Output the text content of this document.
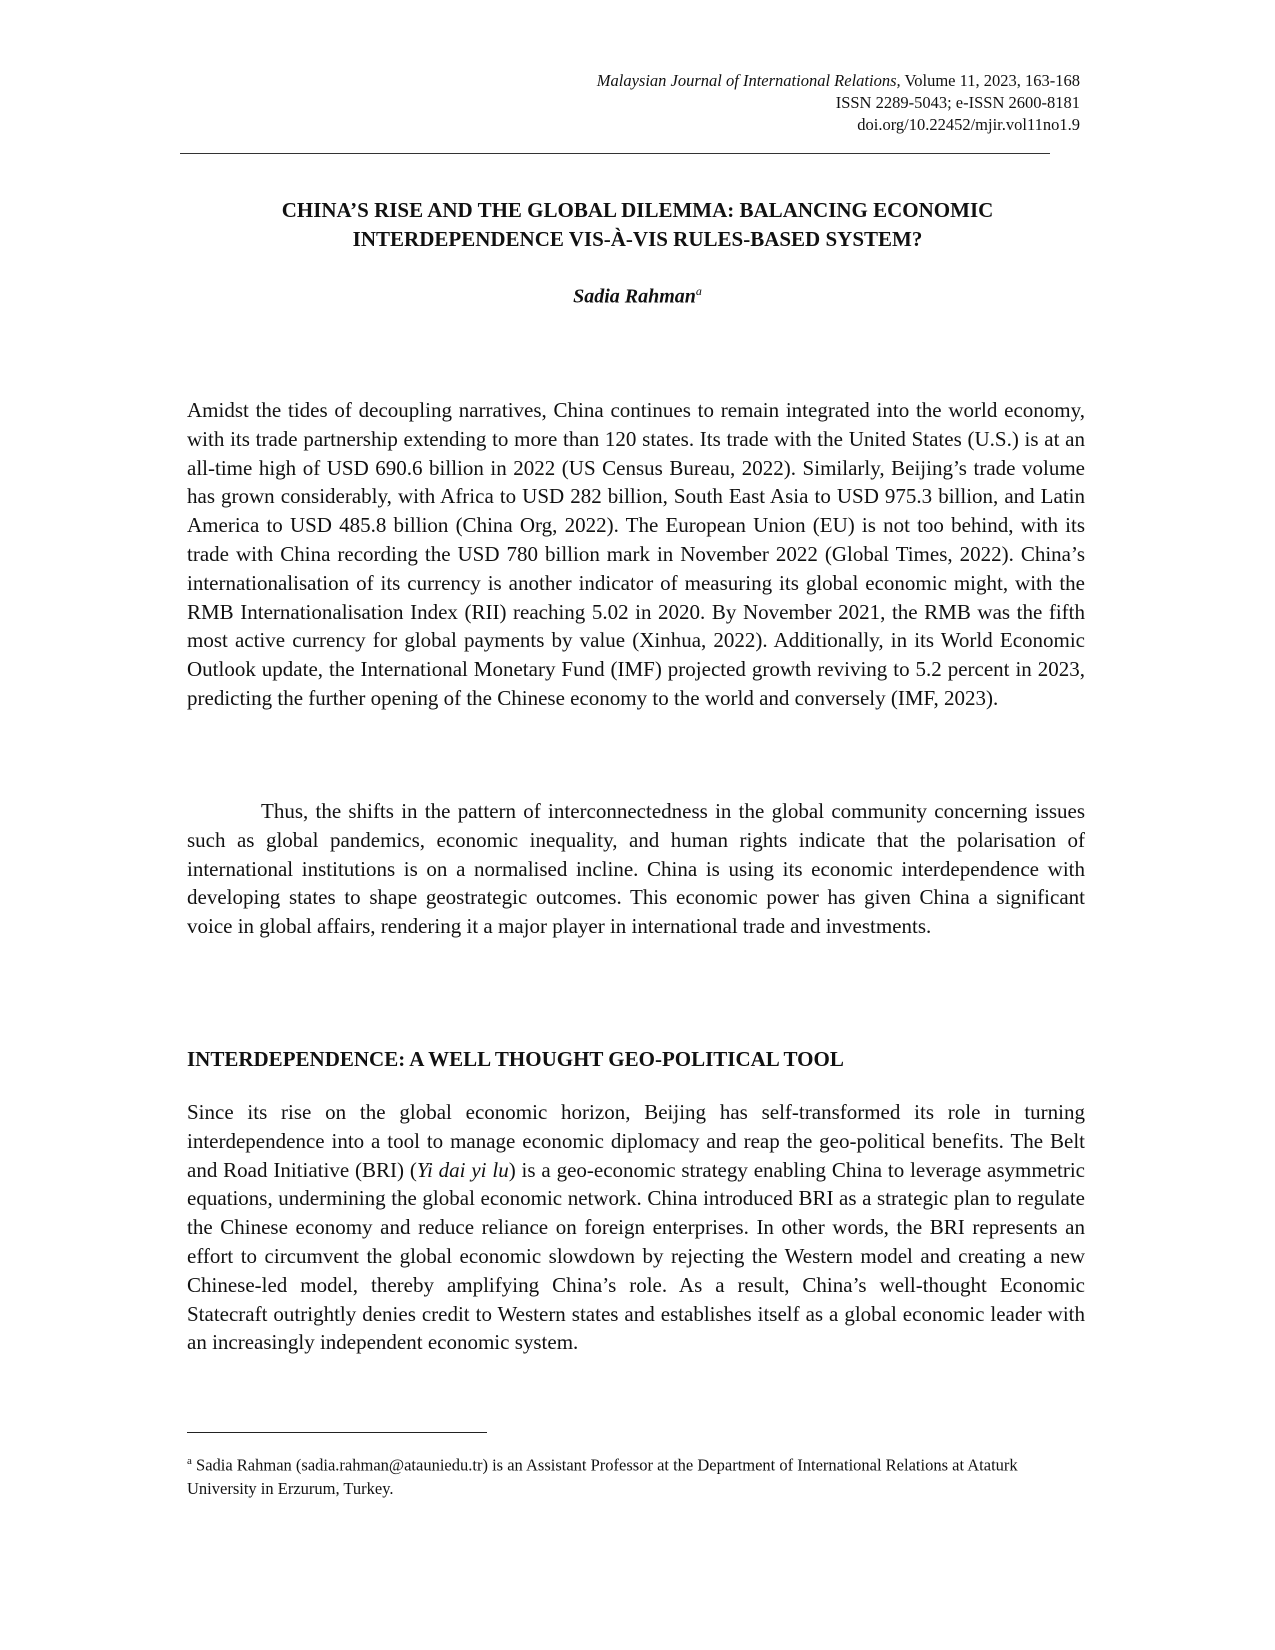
Malaysian Journal of International Relations, Volume 11, 2023, 163-168
ISSN 2289-5043; e-ISSN 2600-8181
doi.org/10.22452/mjir.vol11no1.9
CHINA’S RISE AND THE GLOBAL DILEMMA: BALANCING ECONOMIC
INTERDEPENDENCE VIS-À-VIS RULES-BASED SYSTEM?
Sadia Rahman$^a$

Amidst the tides of decoupling narratives, China continues to remain integrated into the world economy, with its trade partnership extending to more than 120 states. Its trade with the United States (U.S.) is at an all-time high of USD 690.6 billion in 2022 (US Census Bureau, 2022). Similarly, Beijing’s trade volume has grown considerably, with Africa to USD 282 billion, South East Asia to USD 975.3 billion, and Latin America to USD 485.8 billion (China Org, 2022). The European Union (EU) is not too behind, with its trade with China recording the USD 780 billion mark in November 2022 (Global Times, 2022). China’s internationalisation of its currency is another indicator of measuring its global economic might, with the RMB Internationalisation Index (RII) reaching 5.02 in 2020. By November 2021, the RMB was the fifth most active currency for global payments by value (Xinhua, 2022). Additionally, in its World Economic Outlook update, the International Monetary Fund (IMF) projected growth reviving to 5.2 percent in 2023, predicting the further opening of the Chinese economy to the world and conversely (IMF, 2023).

Thus, the shifts in the pattern of interconnectedness in the global community concerning issues such as global pandemics, economic inequality, and human rights indicate that the polarisation of international institutions is on a normalised incline. China is using its economic interdependence with developing states to shape geostrategic outcomes. This economic power has given China a significant voice in global affairs, rendering it a major player in international trade and investments.

INTERDEPENDENCE: A WELL THOUGHT GEO-POLITICAL TOOL

Since its rise on the global economic horizon, Beijing has self-transformed its role in turning interdependence into a tool to manage economic diplomacy and reap the geo-political benefits. The Belt and Road Initiative (BRI) (Yi dai yi lu) is a geo-economic strategy enabling China to leverage asymmetric equations, undermining the global economic network. China introduced BRI as a strategic plan to regulate the Chinese economy and reduce reliance on foreign enterprises. In other words, the BRI represents an effort to circumvent the global economic slowdown by rejecting the Western model and creating a new Chinese-led model, thereby amplifying China’s role. As a result, China’s well-thought Economic Statecraft outrightly denies credit to Western states and establishes itself as a global economic leader with an increasingly independent economic system.

$^a$ Sadia Rahman (sadia.rahman@atauniedu.tr) is an Assistant Professor at the Department of International Relations at Ataturk University in Erzurum, Turkey.
